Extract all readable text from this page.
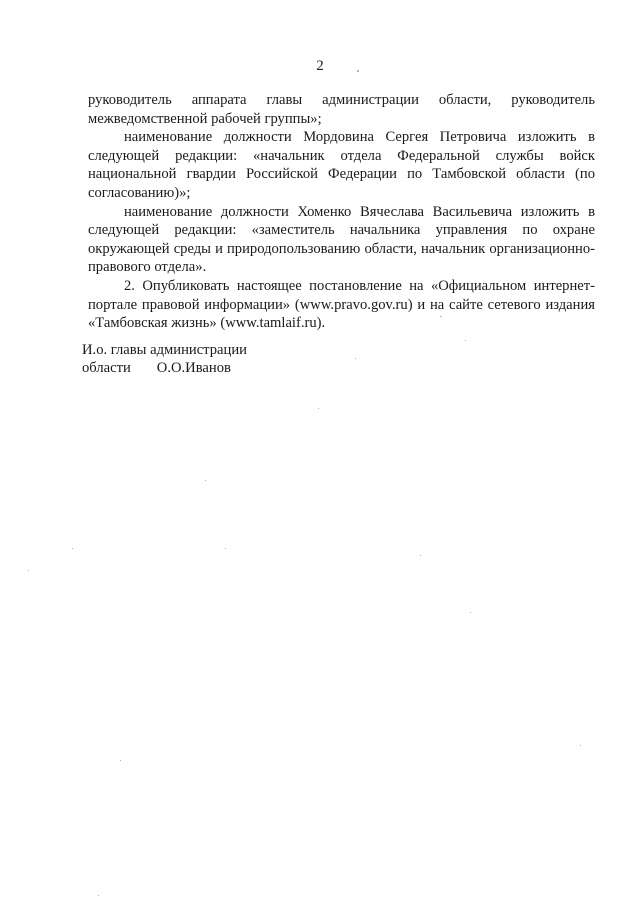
2

руководитель аппарата главы администрации области, руководитель межведомственной рабочей группы»;

наименование должности Мордовина Сергея Петровича изложить в следующей редакции: «начальник отдела Федеральной службы войск национальной гвардии Российской Федерации по Тамбовской области (по согласованию)»;

наименование должности Хоменко Вячеслава Васильевича изложить в следующей редакции: «заместитель начальника управления по охране окружающей среды и природопользованию области, начальник организационно-правового отдела».

2. Опубликовать настоящее постановление на «Официальном интернет-портале правовой информации» (www.pravo.gov.ru) и на сайте сетевого издания «Тамбовская жизнь» (www.tamlaif.ru).

И.о. главы администрации
области О.О.Иванов
